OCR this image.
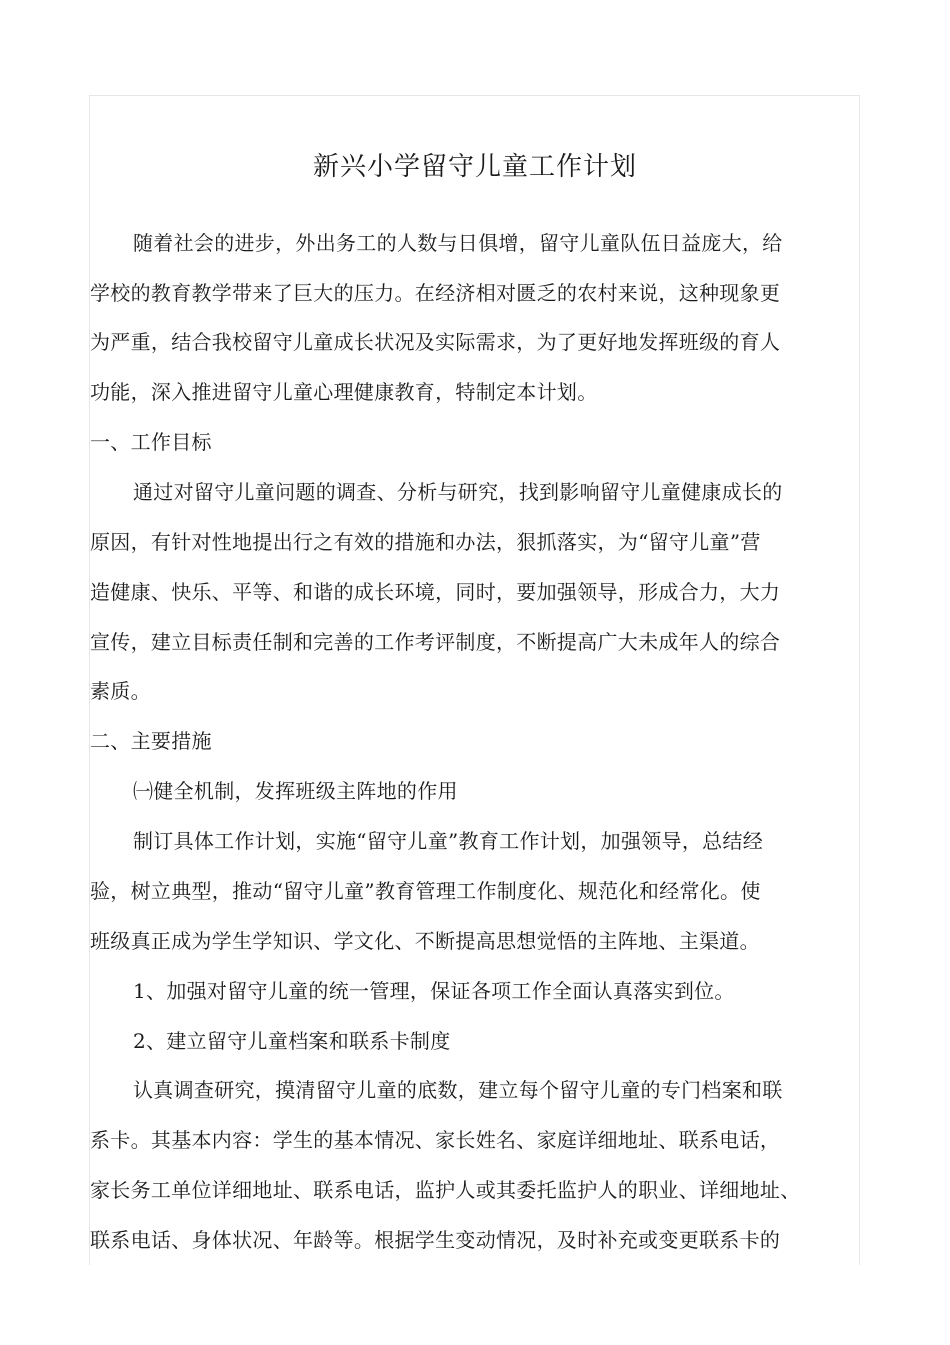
新兴小学留守儿童工作计划
随着社会的进步，外出务工的人数与日俱增，留守儿童队伍日益庞大，给
学校的教育教学带来了巨大的压力。在经济相对匮乏的农村来说，这种现象更
为严重，结合我校留守儿童成长状况及实际需求，为了更好地发挥班级的育人
功能，深入推进留守儿童心理健康教育，特制定本计划。
一、工作目标
通过对留守儿童问题的调查、分析与研究，找到影响留守儿童健康成长的
原因，有针对性地提出行之有效的措施和办法，狠抓落实，为“留守儿童”营
造健康、快乐、平等、和谐的成长环境，同时，要加强领导，形成合力，大力
宣传，建立目标责任制和完善的工作考评制度，不断提高广大未成年人的综合
素质。
二、主要措施
㈠健全机制，发挥班级主阵地的作用
制订具体工作计划，实施“留守儿童”教育工作计划，加强领导，总结经
验，树立典型，推动“留守儿童”教育管理工作制度化、规范化和经常化。使
班级真正成为学生学知识、学文化、不断提高思想觉悟的主阵地、主渠道。
1、加强对留守儿童的统一管理，保证各项工作全面认真落实到位。
2、建立留守儿童档案和联系卡制度
认真调查研究，摸清留守儿童的底数，建立每个留守儿童的专门档案和联
系卡。其基本内容：学生的基本情况、家长姓名、家庭详细地址、联系电话，
家长务工单位详细地址、联系电话，监护人或其委托监护人的职业、详细地址、
联系电话、身体状况、年龄等。根据学生变动情况，及时补充或变更联系卡的
